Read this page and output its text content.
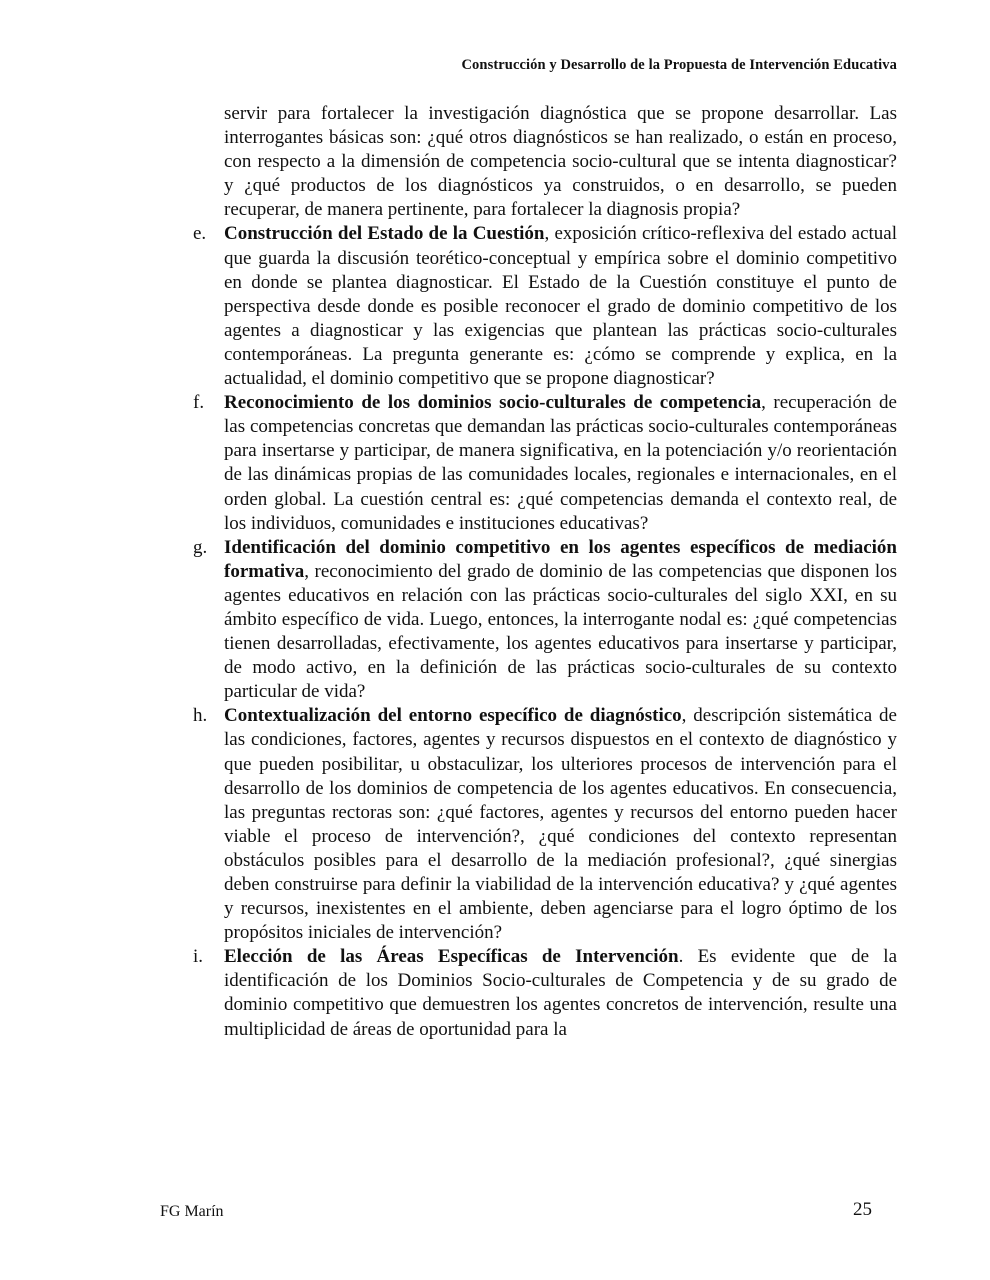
Construcción y Desarrollo de la Propuesta de Intervención Educativa

servir para fortalecer la investigación diagnóstica que se propone desarrollar. Las interrogantes básicas son: ¿qué otros diagnósticos se han realizado, o están en proceso, con respecto a la dimensión de competencia socio-cultural que se intenta diagnosticar? y ¿qué productos de los diagnósticos ya construidos, o en desarrollo, se pueden recuperar, de manera pertinente, para fortalecer la diagnosis propia?

e. Construcción del Estado de la Cuestión, exposición crítico-reflexiva del estado actual que guarda la discusión teorético-conceptual y empírica sobre el dominio competitivo en donde se plantea diagnosticar. El Estado de la Cuestión constituye el punto de perspectiva desde donde es posible reconocer el grado de dominio competitivo de los agentes a diagnosticar y las exigencias que plantean las prácticas socio-culturales contemporáneas. La pregunta generante es: ¿cómo se comprende y explica, en la actualidad, el dominio competitivo que se propone diagnosticar?
f. Reconocimiento de los dominios socio-culturales de competencia, recuperación de las competencias concretas que demandan las prácticas socio-culturales contemporáneas para insertarse y participar, de manera significativa, en la potenciación y/o reorientación de las dinámicas propias de las comunidades locales, regionales e internacionales, en el orden global. La cuestión central es: ¿qué competencias demanda el contexto real, de los individuos, comunidades e instituciones educativas?
g. Identificación del dominio competitivo en los agentes específicos de mediación formativa, reconocimiento del grado de dominio de las competencias que disponen los agentes educativos en relación con las prácticas socio-culturales del siglo XXI, en su ámbito específico de vida. Luego, entonces, la interrogante nodal es: ¿qué competencias tienen desarrolladas, efectivamente, los agentes educativos para insertarse y participar, de modo activo, en la definición de las prácticas socio-culturales de su contexto particular de vida?
h. Contextualización del entorno específico de diagnóstico, descripción sistemática de las condiciones, factores, agentes y recursos dispuestos en el contexto de diagnóstico y que pueden posibilitar, u obstaculizar, los ulteriores procesos de intervención para el desarrollo de los dominios de competencia de los agentes educativos. En consecuencia, las preguntas rectoras son: ¿qué factores, agentes y recursos del entorno pueden hacer viable el proceso de intervención?, ¿qué condiciones del contexto representan obstáculos posibles para el desarrollo de la mediación profesional?, ¿qué sinergias deben construirse para definir la viabilidad de la intervención educativa? y ¿qué agentes y recursos, inexistentes en el ambiente, deben agenciarse para el logro óptimo de los propósitos iniciales de intervención?
i. Elección de las Áreas Específicas de Intervención. Es evidente que de la identificación de los Dominios Socio-culturales de Competencia y de su grado de dominio competitivo que demuestren los agentes concretos de intervención, resulte una multiplicidad de áreas de oportunidad para la
FG Marín	25
